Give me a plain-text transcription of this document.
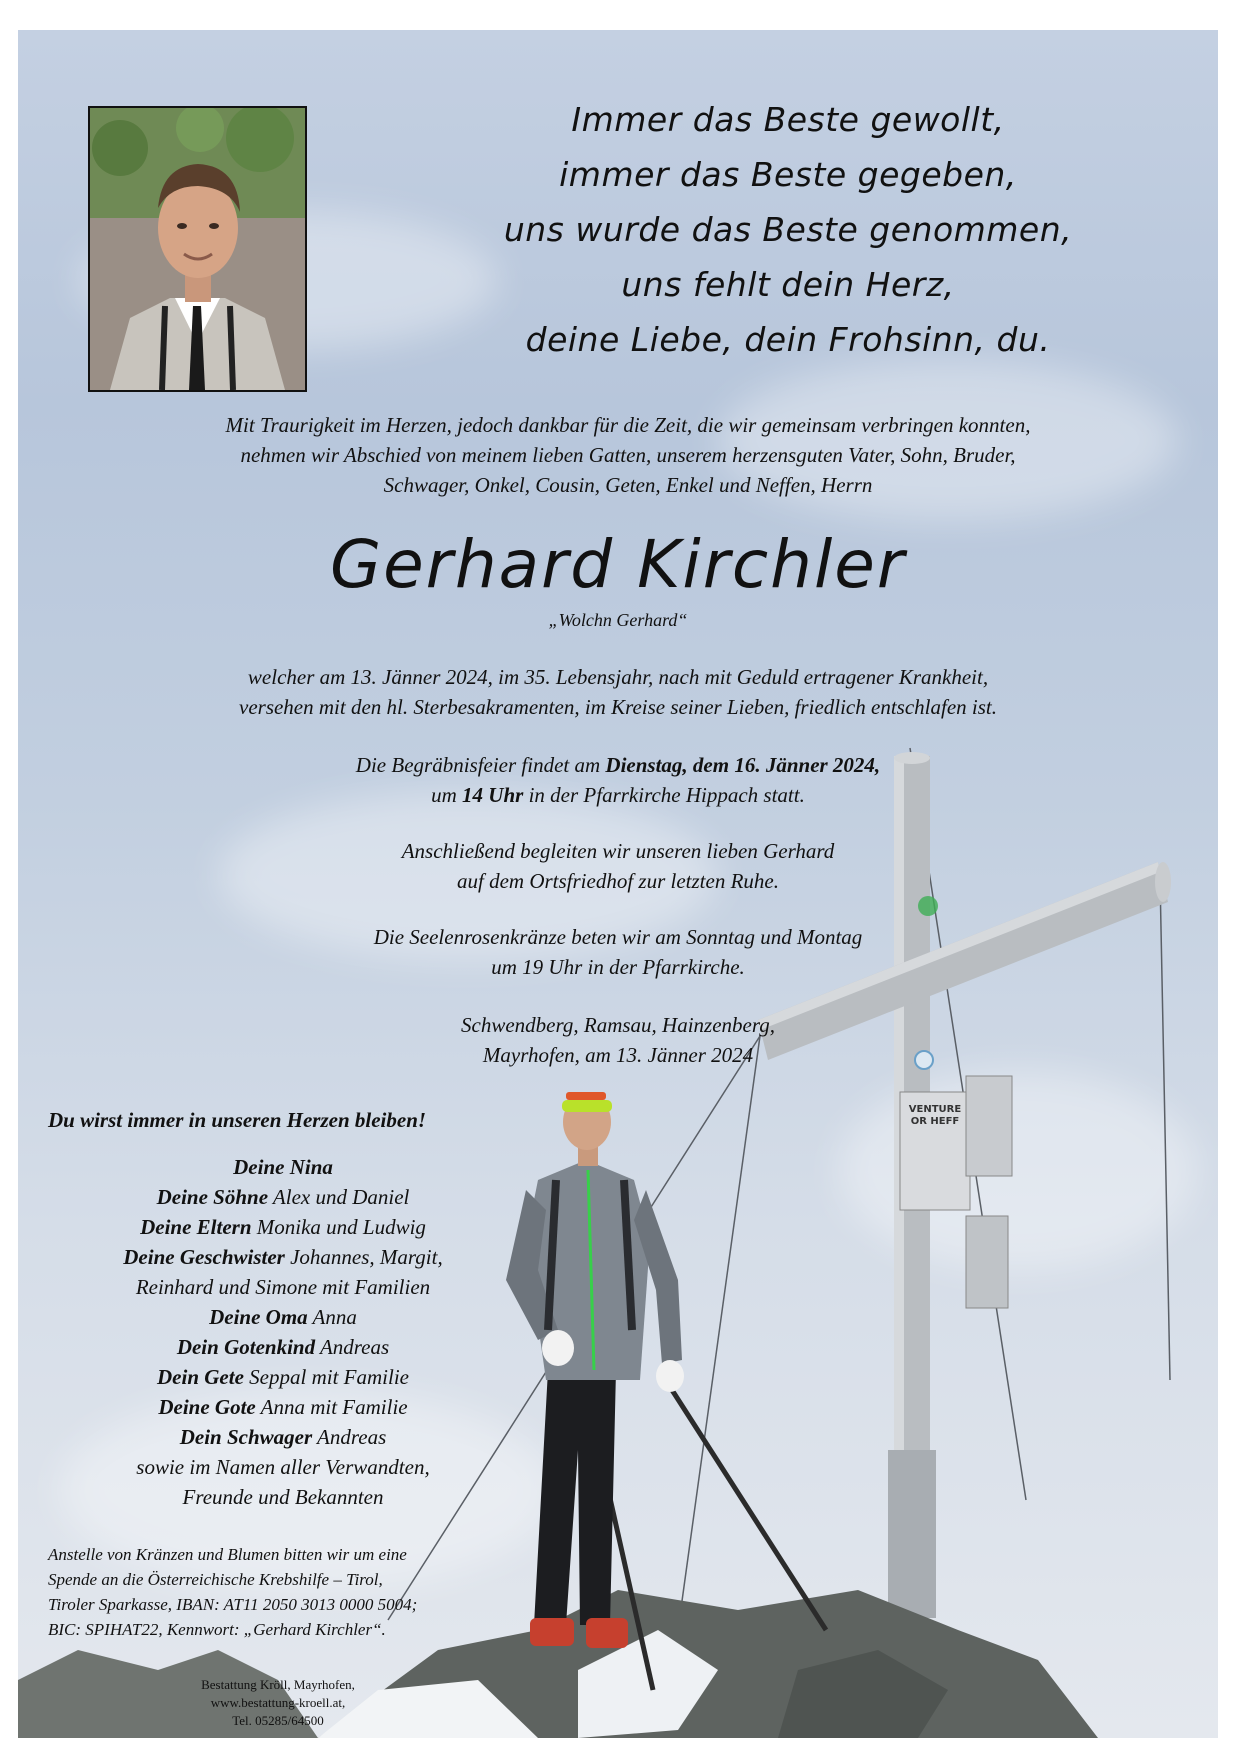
VENTURE
OR HEFF
Immer das Beste gewollt,
immer das Beste gegeben,
uns wurde das Beste genommen,
uns fehlt dein Herz,
deine Liebe, dein Frohsinn, du.
Mit Traurigkeit im Herzen, jedoch dankbar für die Zeit, die wir gemeinsam verbringen konnten,
nehmen wir Abschied von meinem lieben Gatten, unserem herzensguten Vater, Sohn, Bruder,
Schwager, Onkel, Cousin, Geten, Enkel und Neffen, Herrn
Gerhard Kirchler
„Wolchn Gerhard“
welcher am 13. Jänner 2024, im 35. Lebensjahr, nach mit Geduld ertragener Krankheit,
versehen mit den hl. Sterbesakramenten, im Kreise seiner Lieben, friedlich entschlafen ist.
Die Begräbnisfeier findet am Dienstag, dem 16. Jänner 2024,
um 14 Uhr in der Pfarrkirche Hippach statt.
Anschließend begleiten wir unseren lieben Gerhard
auf dem Ortsfriedhof zur letzten Ruhe.
Die Seelenrosenkränze beten wir am Sonntag und Montag
um 19 Uhr in der Pfarrkirche.
Schwendberg, Ramsau, Hainzenberg,
Mayrhofen, am 13. Jänner 2024
Du wirst immer in unseren Herzen bleiben!
Deine Nina
Deine Söhne Alex und Daniel
Deine Eltern Monika und Ludwig
Deine Geschwister Johannes, Margit,
Reinhard und Simone mit Familien
Deine Oma Anna
Dein Gotenkind Andreas
Dein Gete Seppal mit Familie
Deine Gote Anna mit Familie
Dein Schwager Andreas
sowie im Namen aller Verwandten,
Freunde und Bekannten
Anstelle von Kränzen und Blumen bitten wir um eine
Spende an die Österreichische Krebshilfe – Tirol,
Tiroler Sparkasse, IBAN: AT11 2050 3013 0000 5004;
BIC: SPIHAT22, Kennwort: „Gerhard Kirchler“.
Bestattung Kröll, Mayrhofen,
www.bestattung-kroell.at,
Tel. 05285/64500
